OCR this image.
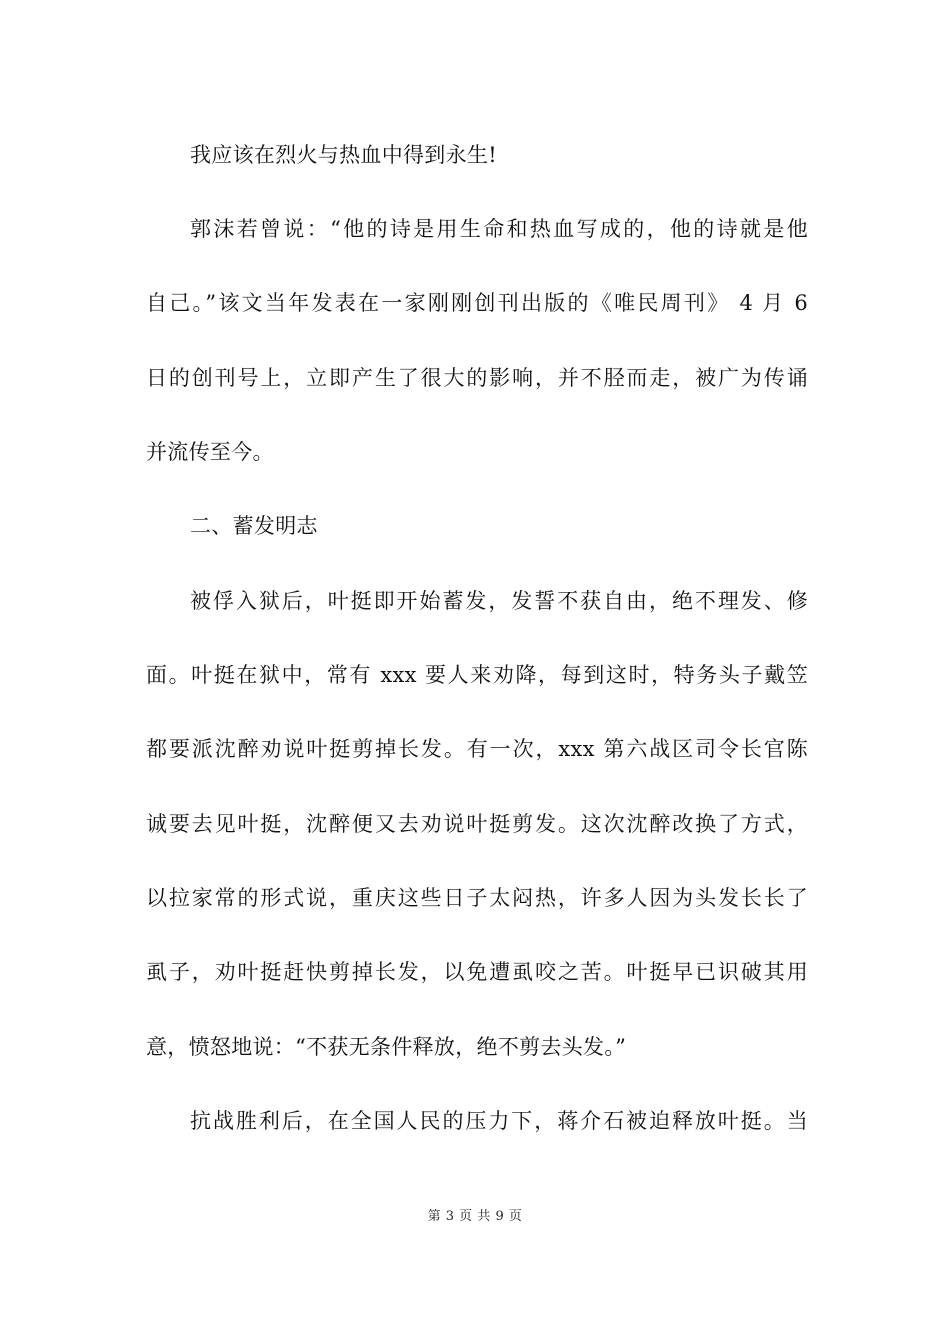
我应该在烈火与热血中得到永生!
郭沫若曾说：“他的诗是用生命和热血写成的，他的诗就是他
自己。”该文当年发表在一家刚刚创刊出版的《唯民周刊》 4 月 6
日的创刊号上，立即产生了很大的影响，并不胫而走，被广为传诵
并流传至今。
二、蓄发明志
被俘入狱后，叶挺即开始蓄发，发誓不获自由，绝不理发、修
面。叶挺在狱中，常有 xxx 要人来劝降，每到这时，特务头子戴笠
都要派沈醉劝说叶挺剪掉长发。有一次，xxx 第六战区司令长官陈
诚要去见叶挺，沈醉便又去劝说叶挺剪发。这次沈醉改换了方式，
以拉家常的形式说，重庆这些日子太闷热，许多人因为头发长长了
虱子，劝叶挺赶快剪掉长发，以免遭虱咬之苦。叶挺早已识破其用
意，愤怒地说：“不获无条件释放，绝不剪去头发。”
抗战胜利后，在全国人民的压力下，蒋介石被迫释放叶挺。当
第 3 页 共 9 页
